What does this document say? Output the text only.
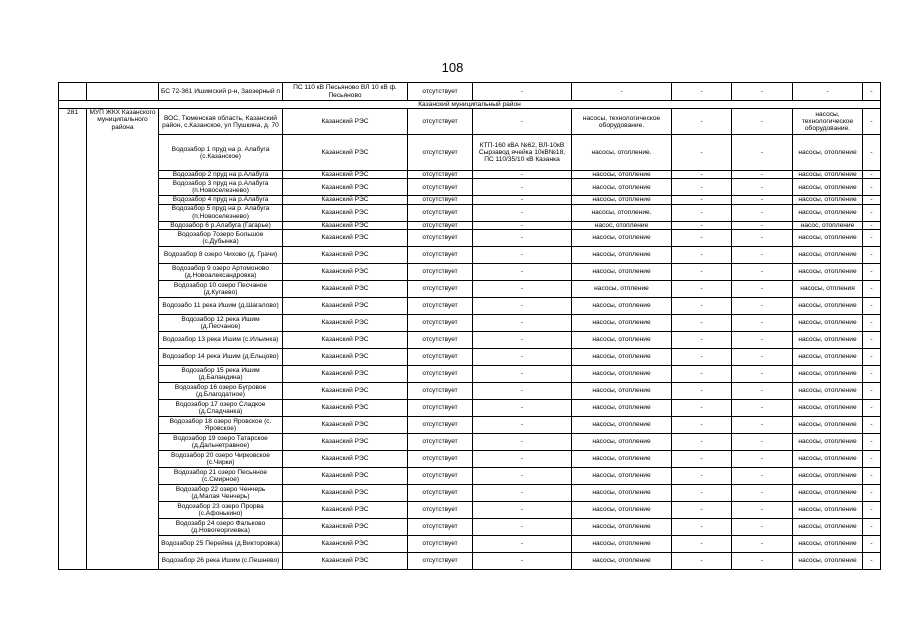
108
		БС 72-361 Ишимский р-н, Заозерный п	ПС 110 кВ Песьяново ВЛ 10 кВ ф. Песьяново	отсутствует	-	-	-	-	-	-
Казанский муниципальный район										
281	МУП ЖКХ Казанского муниципального района	ВОС, Тюменская область, Казанский район, с.Казанское, ул Пушкина, д. 70	Казанский РЭС	отсутствует	-	насосы, технологическое оборудование.	-	-	насосы, технологическое оборудование.	-
		Водозабор 1 пруд на р. Алабуга (с.Казанское)	Казанский РЭС	отсутствует	КТП-160 кВА №62, ВЛ-10кВ Сырзавод ячейка 10кВ№18, ПС 110/35/10 кВ Казанка	насосы, отопление.	-	-	насосы, отопление	-
		Водозабор 2 пруд на р.Алабуга	Казанский РЭС	отсутствует	-	насосы, отопление	-	-	насосы, отопление	-
		Водозабор 3 пруд на р.Алабуга (п.Новоселезнево)	Казанский РЭС	отсутствует	-	насосы, отопление	-	-	насосы, отопление	-
		Водозабор 4 пруд на р.Алабуга	Казанский РЭС	отсутствует	-	насосы, отопление	-	-	насосы, отопление	-
		Водозабор 5 пруд на р. Алабуга (п.Новоселезнево)	Казанский РЭС	отсутствует	-	насосы, отопление.	-	-	насосы, отопление	-
		Водозабор 6 р.Алабуга (Гагарье)	Казанский РЭС	отсутствует	-	насос, отопление	-	-	насос, отопление	-
		Водозабор 7озеро Большое (с.Дубынка)	Казанский РЭС	отсутствует	-	насосы, отопление	-	-	насосы, отопление	-
		Водозабор 8 озеро Чихово (д. Грачи)	Казанский РЭС	отсутствует	-	насосы, отопление	-	-	насосы, отопление	-
		Водозабор 9 озеро Артомоново (д.Новоалександровка)	Казанский РЭС	отсутствует	-	насосы, отопление	-	-	насосы, отопление	-
		Водозабор 10 озеро Песчаное (д.Кугаево)	Казанский РЭС	отсутствует	-	насосы, отпление	-	-	насосы, отпления	-
		Водозабо 11 река Ишим (д.Шагалово)	Казанский РЭС	отсутствует	-	насосы, отопление	-	-	насосы, отопление	-
		Водозабор 12 река Ишим (д.Песчаное)	Казанский РЭС	отсутствует	-	насосы, отопление	-	-	насосы, отопление	-
		Водозабор 13 река Ишим (с.Ильинка)	Казанский РЭС	отсутствует	-	насосы, отопление	-	-	насосы, отопление	-
		Водозабор 14 река Ишим (д.Ельцово)	Казанский РЭС	отсутствует	-	насосы, отопление	-	-	насосы, отопление	-
		Водозабор 15 река Ишим (д.Баландина)	Казанский РЭС	отсутствует	-	насосы, отопление	-	-	насосы, отопление	-
		Водозабор 16 озеро Бугровое (д.Благодатное)	Казанский РЭС	отсутствует	-	насосы, отопление	-	-	насосы, отопление	-
		Водозабор 17 озеро Сладкое (д.Сладчанка)	Казанский РЭС	отсутствует	-	насосы, отопление	-	-	насосы, отопление	-
		Водозабор 18 озеро Яровское (с. Яровское)	Казанский РЭС	отсутствует	-	насосы, отопление	-	-	насосы, отопление	-
		Водозабор 19 озеро Татарское (д.Дальнетравное)	Казанский РЭС	отсутствует	-	насосы, отопление	-	-	насосы, отопление	-
		Водозабор 20 озеро Чирковское (с.Чирки)	Казанский РЭС	отсутствует	-	насосы, отопление	-	-	насосы, отопление	-
		Водозабор 21 озеро Песьяное (с.Смирное)	Казанский РЭС	отсутствует	-	насосы, отопление	-	-	насосы, отопление	-
		Водозабор 22 озеро Ченчерь (д.Малая Ченчерь)	Казанский РЭС	отсутствует	-	насосы, отопление	-	-	насосы, отопление	-
		Водозабор 23 озеро Прорва (с.Афонькино)	Казанский РЭС	отсутствует	-	насосы, отопление	-	-	насосы, отопление	-
		Водозабр 24 озеро Фальково (д.Новогеоргиевка)	Казанский РЭС	отсутствует	-	насосы, отопление	-	-	насосы, отопление	-
		Водозабор 25 Перейма (д.Викторовка)	Казанский РЭС	отсутствует	-	насосы, отопление	-	-	насосы, отопление	-
		Водозабор 26 река Ишим (с.Пешнево)	Казанский РЭС	отсутствует	-	насосы, отопление	-	-	насосы, отопление	-
